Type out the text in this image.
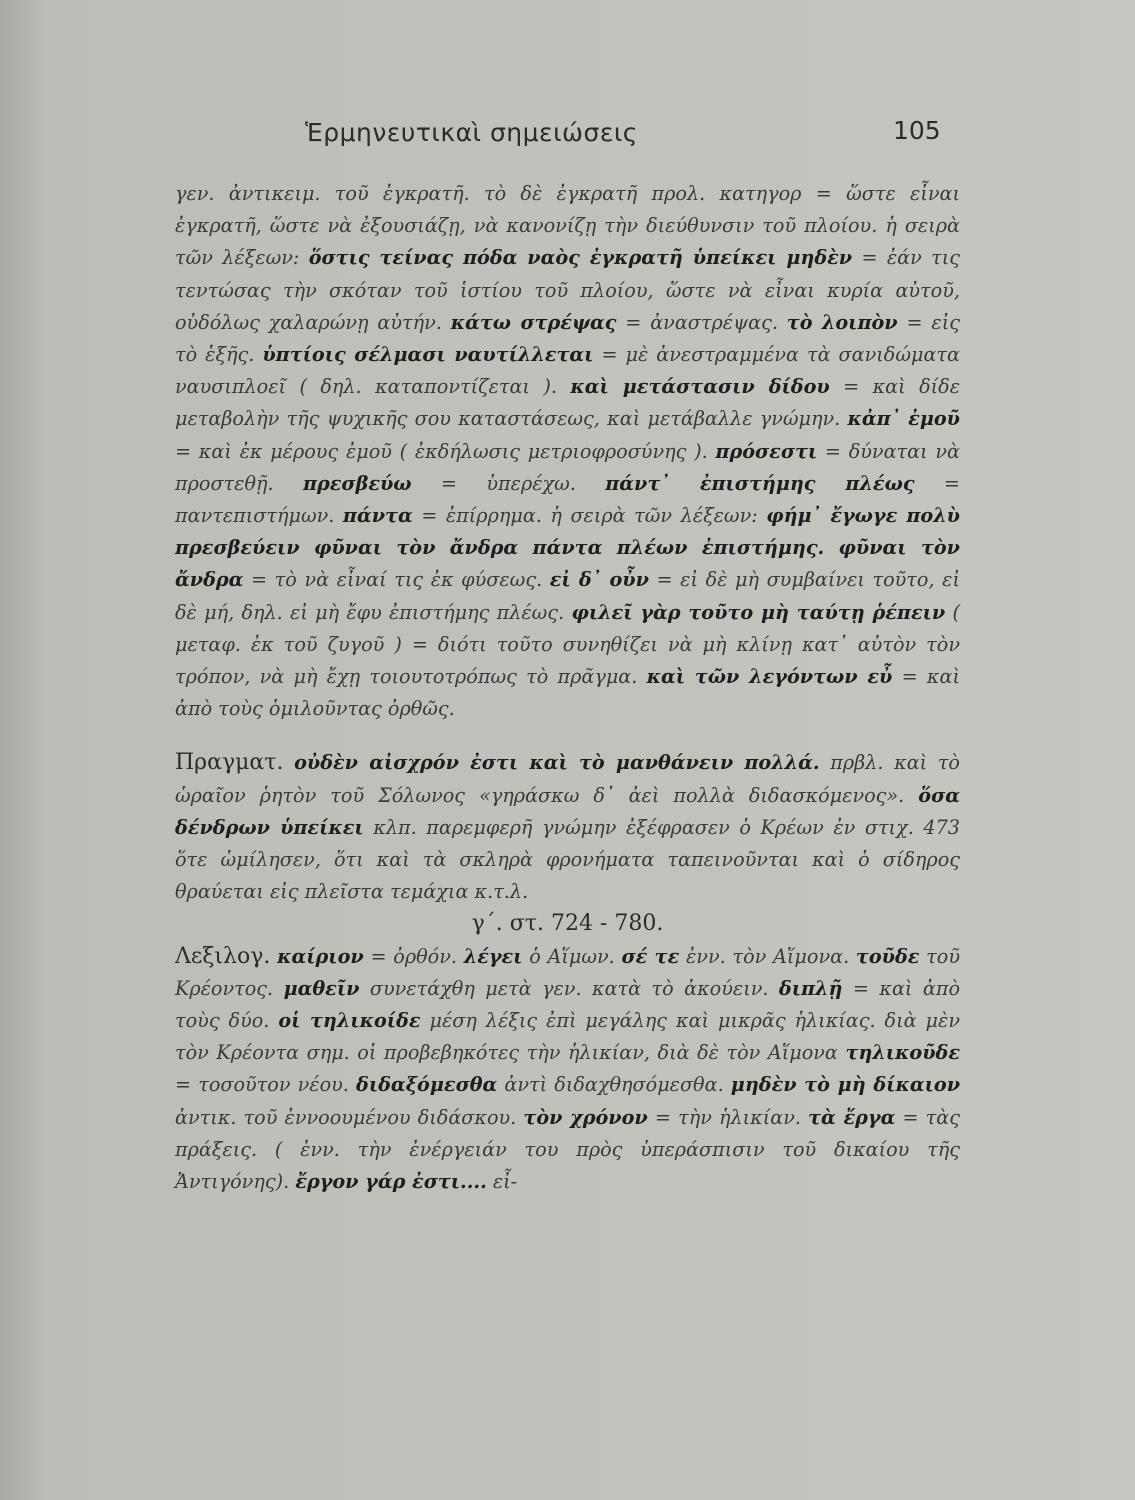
Ἑρμηνευτικαὶ σημειώσεις	105

γεν. ἀντικειμ. τοῦ ἐγκρατῆ. τὸ δὲ ἐγκρατῆ προλ. κατηγορ = ὥστε εἶναι ἐγκρατῆ, ὥστε νὰ ἐξουσιάζῃ, νὰ κανονίζῃ τὴν διεύθυνσιν τοῦ πλοίου. ἡ σειρὰ τῶν λέξεων: ὅστις τείνας πόδα ναὸς ἐγκρατῆ ὑπείκει μηδὲν = ἐάν τις τεντώσας τὴν σκόταν τοῦ ἱστίου τοῦ πλοίου, ὥστε νὰ εἶναι κυρία αὐτοῦ, οὐδόλως χαλαρώνῃ αὐτήν. κάτω στρέψας = ἀναστρέψας. τὸ λοιπὸν = εἰς τὸ ἑξῆς. ὑπτίοις σέλμασι ναυτίλλεται = μὲ ἀνεστραμμένα τὰ σανιδώματα ναυσιπλοεῖ ( δηλ. καταποντίζεται ). καὶ μετάστασιν δίδου = καὶ δίδε μεταβολὴν τῆς ψυχικῆς σου καταστάσεως, καὶ μετάβαλλε γνώμην. κἀπ᾽ ἐμοῦ = καὶ ἐκ μέρους ἐμοῦ ( ἐκδήλωσις μετριοφροσύνης ). πρόσεστι = δύναται νὰ προστεθῇ. πρεσβεύω = ὑπερέχω. πάντ᾽ ἐπιστήμης πλέως = παντεπιστήμων. πάντα = ἐπίρρημα. ἡ σειρὰ τῶν λέξεων: φήμ᾽ ἔγωγε πολὺ πρεσβεύειν φῦναι τὸν ἄνδρα πάντα πλέων ἐπιστήμης. φῦναι τὸν ἄνδρα = τὸ νὰ εἶναί τις ἐκ φύσεως. εἰ δ᾽ οὖν = εἰ δὲ μὴ συμβαίνει τοῦτο, εἰ δὲ μή, δηλ. εἰ μὴ ἔφυ ἐπιστήμης πλέως. φιλεῖ γὰρ τοῦτο μὴ ταύτῃ ῥέπειν ( μεταφ. ἐκ τοῦ ζυγοῦ ) = διότι τοῦτο συνηθίζει νὰ μὴ κλίνῃ κατ᾽ αὐτὸν τὸν τρόπον, νὰ μὴ ἔχῃ τοιουτοτρόπως τὸ πρᾶγμα. καὶ τῶν λεγόντων εὖ = καὶ ἀπὸ τοὺς ὁμιλοῦντας ὀρθῶς.

Πραγματ. οὐδὲν αἰσχρόν ἐστι καὶ τὸ μανθάνειν πολλά. πρβλ. καὶ τὸ ὡραῖον ῥητὸν τοῦ Σόλωνος «γηράσκω δ᾽ ἀεὶ πολλὰ διδασκόμενος». ὅσα δένδρων ὑπείκει κλπ. παρεμφερῆ γνώμην ἐξέφρασεν ὁ Κρέων ἐν στιχ. 473 ὅτε ὡμίλησεν, ὅτι καὶ τὰ σκληρὰ φρονήματα ταπεινοῦνται καὶ ὁ σίδηρος θραύεται εἰς πλεῖστα τεμάχια κ.τ.λ.

γ΄. στ. 724 - 780.

Λεξιλογ. καίριον = ὀρθόν. λέγει ὁ Αἵμων. σέ τε ἐνν. τὸν Αἵμονα. τοῦδε τοῦ Κρέοντος. μαθεῖν συνετάχθη μετὰ γεν. κατὰ τὸ ἀκούειν. διπλῇ = καὶ ἀπὸ τοὺς δύο. οἱ τηλικοίδε μέση λέξις ἐπὶ μεγάλης καὶ μικρᾶς ἡλικίας. διὰ μὲν τὸν Κρέοντα σημ. οἱ προβεβηκότες τὴν ἡλικίαν, διὰ δὲ τὸν Αἵμονα τηλικοῦδε = τοσοῦτον νέου. διδαξόμεσθα ἀντὶ διδαχθησόμεσθα. μηδὲν τὸ μὴ δίκαιον ἀντικ. τοῦ ἐννοουμένου διδάσκου. τὸν χρόνον = τὴν ἡλικίαν. τὰ ἔργα = τὰς πράξεις. ( ἐνν. τὴν ἐνέργειάν του πρὸς ὑπεράσπισιν τοῦ δικαίου τῆς Ἀντιγόνης). ἔργον γάρ ἐστι.... εἶ-
